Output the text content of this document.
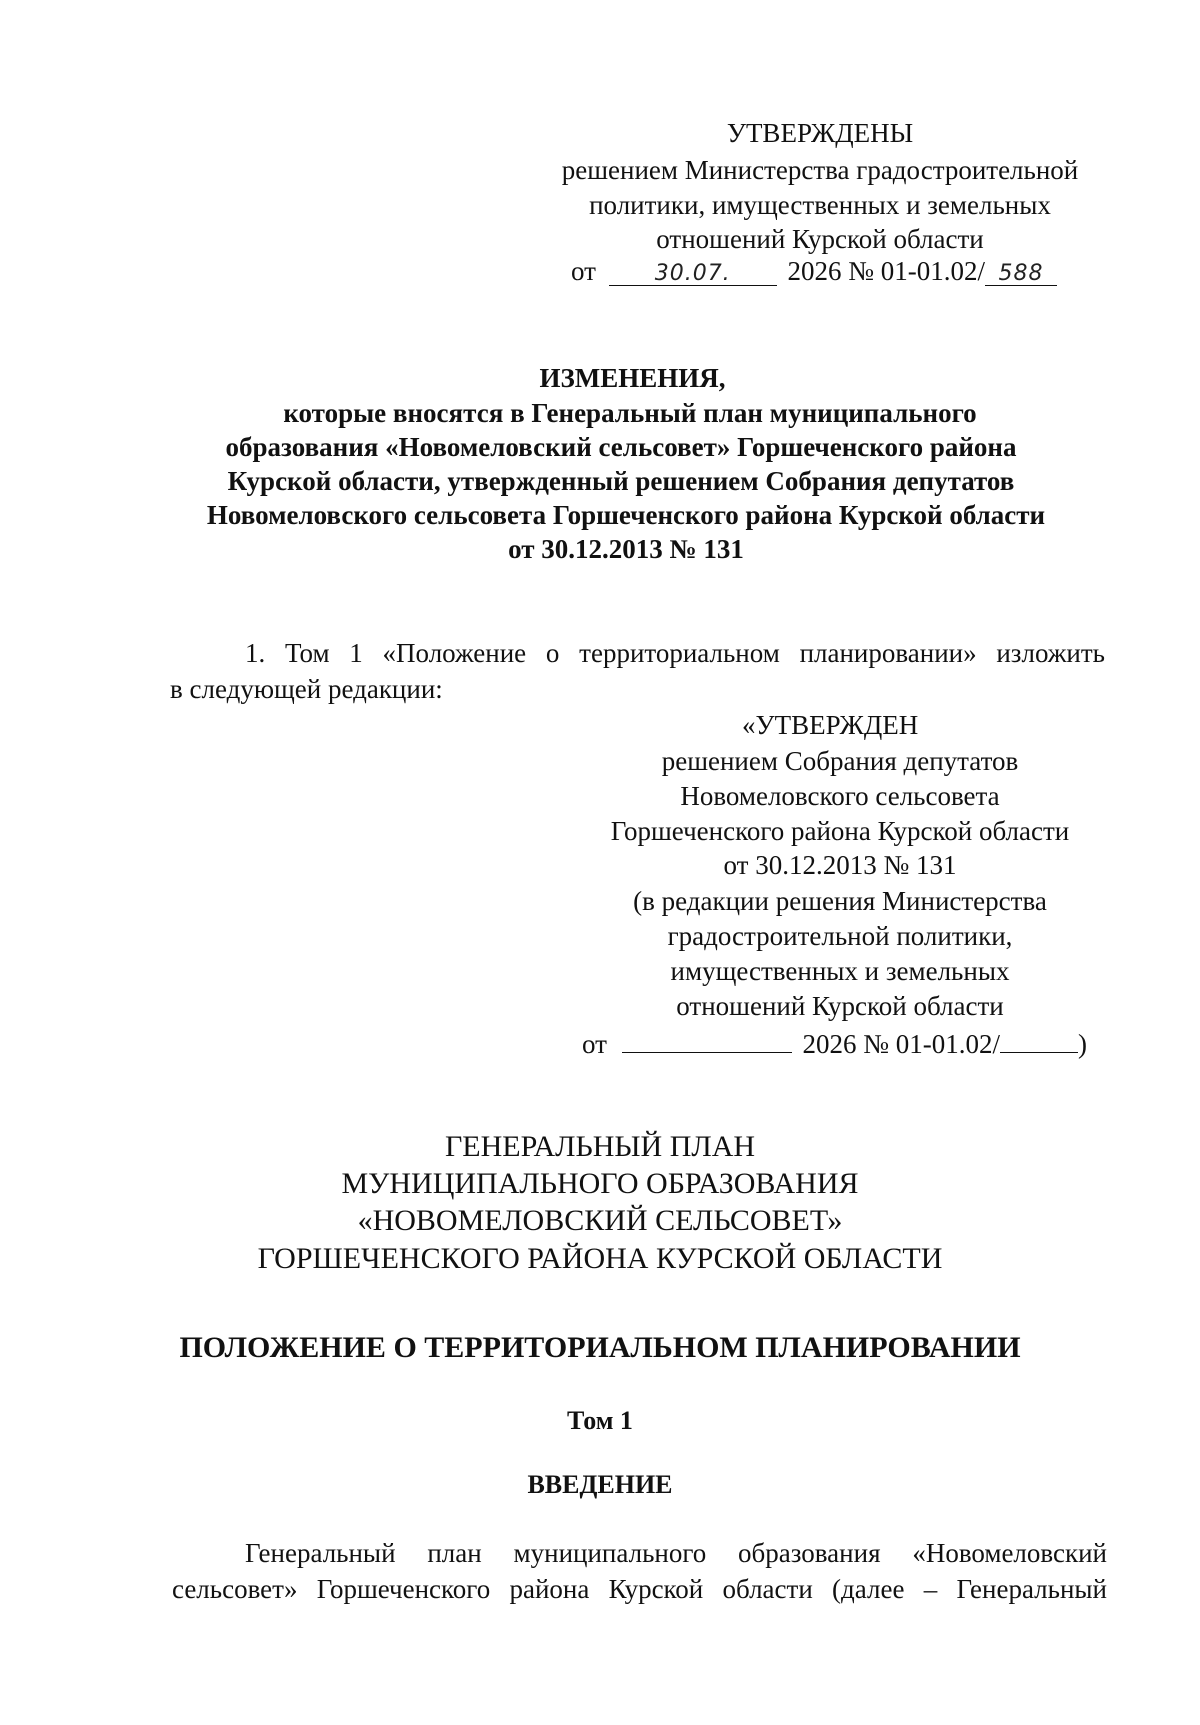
УТВЕРЖДЕНЫ
решением Министерства градостроительной
политики, имущественных и земельных
отношений Курской области
от	30.07. 2026 № 01-01.02/ 588
ИЗМЕНЕНИЯ,
которые вносятся в Генеральный план муниципального
образования «Новомеловский сельсовет» Горшеченского района
Курской области, утвержденный решением Собрания депутатов
Новомеловского сельсовета Горшеченского района Курской области
от 30.12.2013 № 131
1. Том 1 «Положение о территориальном планировании» изложить
в следующей редакции:
«УТВЕРЖДЕН
решением Собрания депутатов
Новомеловского сельсовета
Горшеченского района Курской области
от 30.12.2013 № 131
(в редакции решения Министерства
градостроительной политики,
имущественных и земельных
отношений Курской области
от	2026 № 01-01.02/	)
ГЕНЕРАЛЬНЫЙ ПЛАН
МУНИЦИПАЛЬНОГО ОБРАЗОВАНИЯ
«НОВОМЕЛОВСКИЙ СЕЛЬСОВЕТ»
ГОРШЕЧЕНСКОГО РАЙОНА КУРСКОЙ ОБЛАСТИ
ПОЛОЖЕНИЕ О ТЕРРИТОРИАЛЬНОМ ПЛАНИРОВАНИИ
Том 1
ВВЕДЕНИЕ
Генеральный план муниципального образования «Новомеловский
сельсовет» Горшеченского района Курской области (далее – Генеральный
